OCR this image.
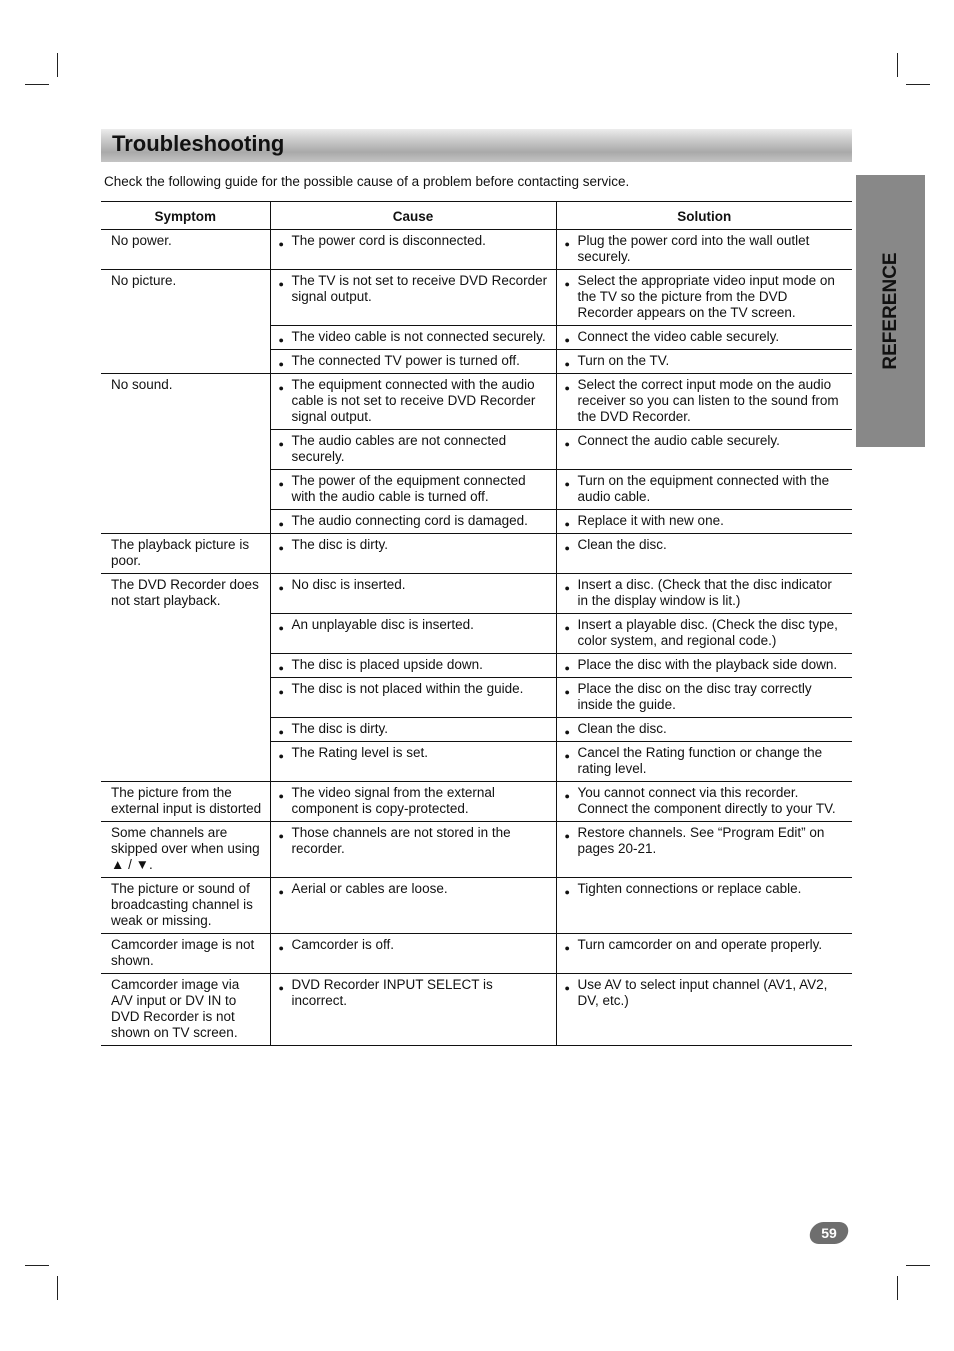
Troubleshooting

Check the following guide for the possible cause of a problem before contacting service.

REFERENCE
Symptom	Cause	Solution
No power.	● The power cord is disconnected.	● Plug the power cord into the wall outlet securely.
No picture.	● The TV is not set to receive DVD Recorder signal output.	● Select the appropriate video input mode on the TV so the picture from the DVD Recorder appears on the TV screen.

	● The video cable is not connected securely.	● Connect the video cable securely.

	● The connected TV power is turned off.	● Turn on the TV.
No sound.	● The equipment connected with the audio cable is not set to receive DVD Recorder signal output.	● Select the correct input mode on the audio receiver so you can listen to the sound from the DVD Recorder.

	● The audio cables are not connected securely.	● Connect the audio cable securely.

	● The power of the equipment connected with the audio cable is turned off.	● Turn on the equipment connected with the audio cable.

	● The audio connecting cord is damaged.	● Replace it with new one.
The playback picture is poor.	● The disc is dirty.	● Clean the disc.
The DVD Recorder does not start playback.	● No disc is inserted.	● Insert a disc. (Check that the disc indicator in the display window is lit.)

	● An unplayable disc is inserted.	● Insert a playable disc. (Check the disc type, color system, and regional code.)

	● The disc is placed upside down.	● Place the disc with the playback side down.

	● The disc is not placed within the guide.	● Place the disc on the disc tray correctly inside the guide.

	● The disc is dirty.	● Clean the disc.

	● The Rating level is set.	● Cancel the Rating function or change the rating level.
The picture from the external input is distorted	● The video signal from the external component is copy-protected.	● You cannot connect via this recorder. Connect the component directly to your TV.
Some channels are skipped over when using ▲ / ▼.	● Those channels are not stored in the recorder.	● Restore channels. See “Program Edit” on pages 20-21.
The picture or sound of broadcasting channel is weak or missing.	● Aerial or cables are loose.	● Tighten connections or replace cable.
Camcorder image is not shown.	● Camcorder is off.	● Turn camcorder on and operate properly.
Camcorder image via A/V input or DV IN to DVD Recorder is not shown on TV screen.	● DVD Recorder INPUT SELECT is incorrect.	● Use AV to select input channel (AV1, AV2, DV, etc.)
59
